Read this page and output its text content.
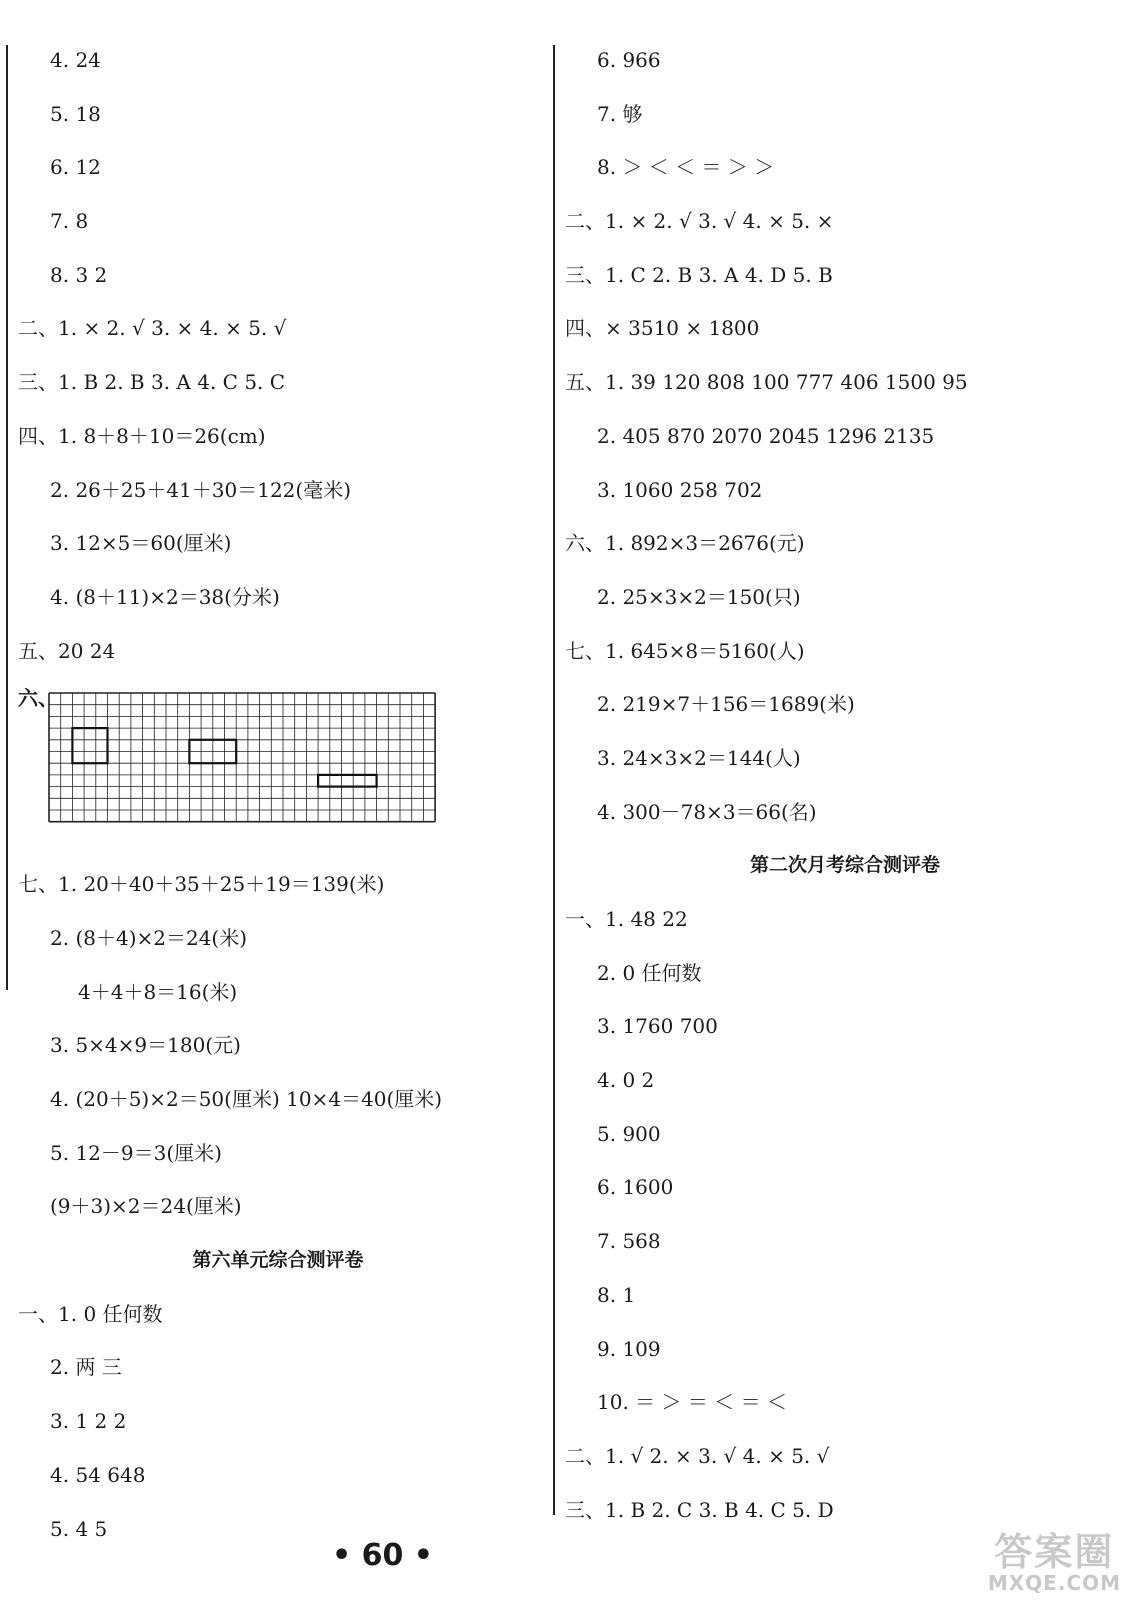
4. 24
5. 18
6. 12
7. 8
8. 3 2
二、1. × 2. √ 3. × 4. × 5. √
三、1. B 2. B 3. A 4. C 5. C
四、1. 8＋8＋10＝26(cm)
2. 26＋25＋41＋30＝122(毫米)
3. 12×5＝60(厘米)
4. (8＋11)×2＝38(分米)
五、20 24
六、
七、1. 20＋40＋35＋25＋19＝139(米)
2. (8＋4)×2＝24(米)
4＋4＋8＝16(米)
3. 5×4×9＝180(元)
4. (20＋5)×2＝50(厘米) 10×4＝40(厘米)
5. 12－9＝3(厘米)
(9＋3)×2＝24(厘米)
第六单元综合测评卷
一、1. 0 任何数
2. 两 三
3. 1 2 2
4. 54 648
5. 4 5
6. 966
7. 够
8. ＞ ＜ ＜ ＝ ＞ ＞
二、1. × 2. √ 3. √ 4. × 5. ×
三、1. C 2. B 3. A 4. D 5. B
四、× 3510 × 1800
五、1. 39 120 808 100 777 406 1500 95
2. 405 870 2070 2045 1296 2135
3. 1060 258 702
六、1. 892×3＝2676(元)
2. 25×3×2＝150(只)
七、1. 645×8＝5160(人)
2. 219×7＋156＝1689(米)
3. 24×3×2＝144(人)
4. 300－78×3＝66(名)
第二次月考综合测评卷
一、1. 48 22
2. 0 任何数
3. 1760 700
4. 0 2
5. 900
6. 1600
7. 568
8. 1
9. 109
10. ＝ ＞ ＝ ＜ ＝ ＜
二、1. √ 2. × 3. √ 4. × 5. √
三、1. B 2. C 3. B 4. C 5. D
• 60 •	答案圈
MXQE.COM
